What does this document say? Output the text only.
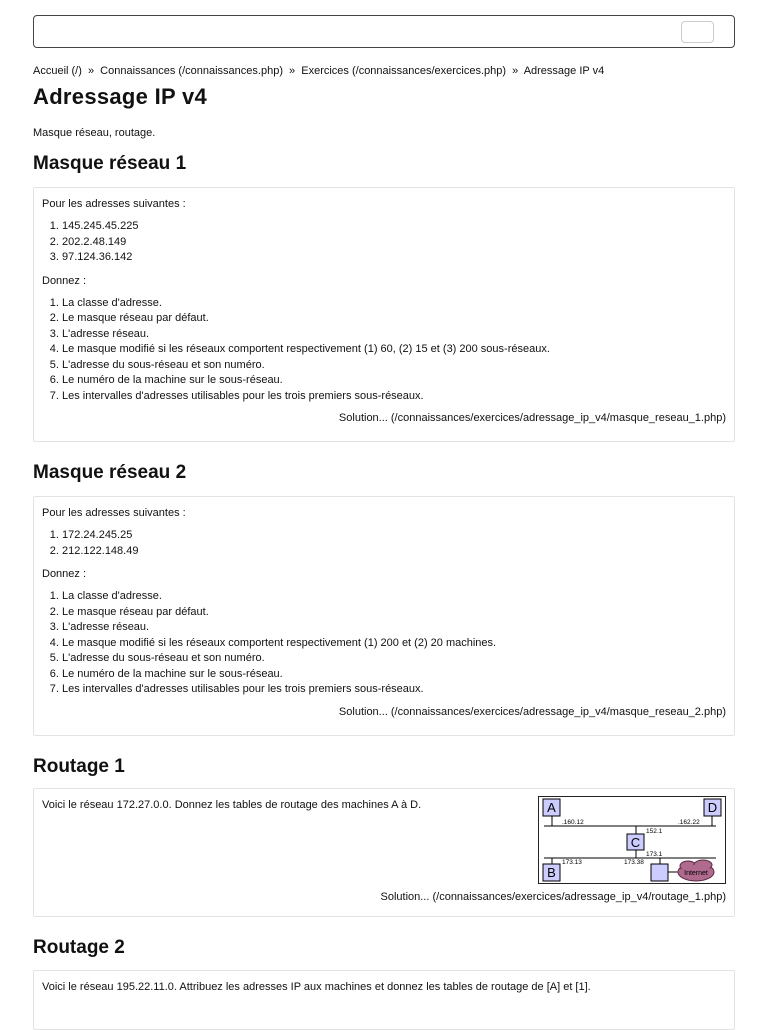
Accueil (/) » Connaissances (/connaissances.php) » Exercices (/connaissances/exercices.php) » Adressage IP v4
Adressage IP v4
Masque réseau, routage.
Masque réseau 1

Pour les adresses suivantes :

1. 145.245.45.225
2. 202.2.48.149
3. 97.124.36.142

Donnez :

1. La classe d'adresse.
2. Le masque réseau par défaut.
3. L'adresse réseau.
4. Le masque modifié si les réseaux comportent respectivement (1) 60, (2) 15 et (3) 200 sous-réseaux.
5. L'adresse du sous-réseau et son numéro.
6. Le numéro de la machine sur le sous-réseau.
7. Les intervalles d'adresses utilisables pour les trois premiers sous-réseaux.
Solution... (/connaissances/exercices/adressage_ip_v4/masque_reseau_1.php)
Masque réseau 2

Pour les adresses suivantes :

1. 172.24.245.25
2. 212.122.148.49

Donnez :

1. La classe d'adresse.
2. Le masque réseau par défaut.
3. L'adresse réseau.
4. Le masque modifié si les réseaux comportent respectivement (1) 200 et (2) 20 machines.
5. L'adresse du sous-réseau et son numéro.
6. Le numéro de la machine sur le sous-réseau.
7. Les intervalles d'adresses utilisables pour les trois premiers sous-réseaux.
Solution... (/connaissances/exercices/adressage_ip_v4/masque_reseau_2.php)
Routage 1

Voici le réseau 172.27.0.0. Donnez les tables de routage des machines A à D.	A	D
C
B	Internet
.160.12	.162.22
152.1
173.1
173.13	173.38
Solution... (/connaissances/exercices/adressage_ip_v4/routage_1.php)
Routage 2

Voici le réseau 195.22.11.0. Attribuez les adresses IP aux machines et donnez les tables de routage de [A] et [1].
